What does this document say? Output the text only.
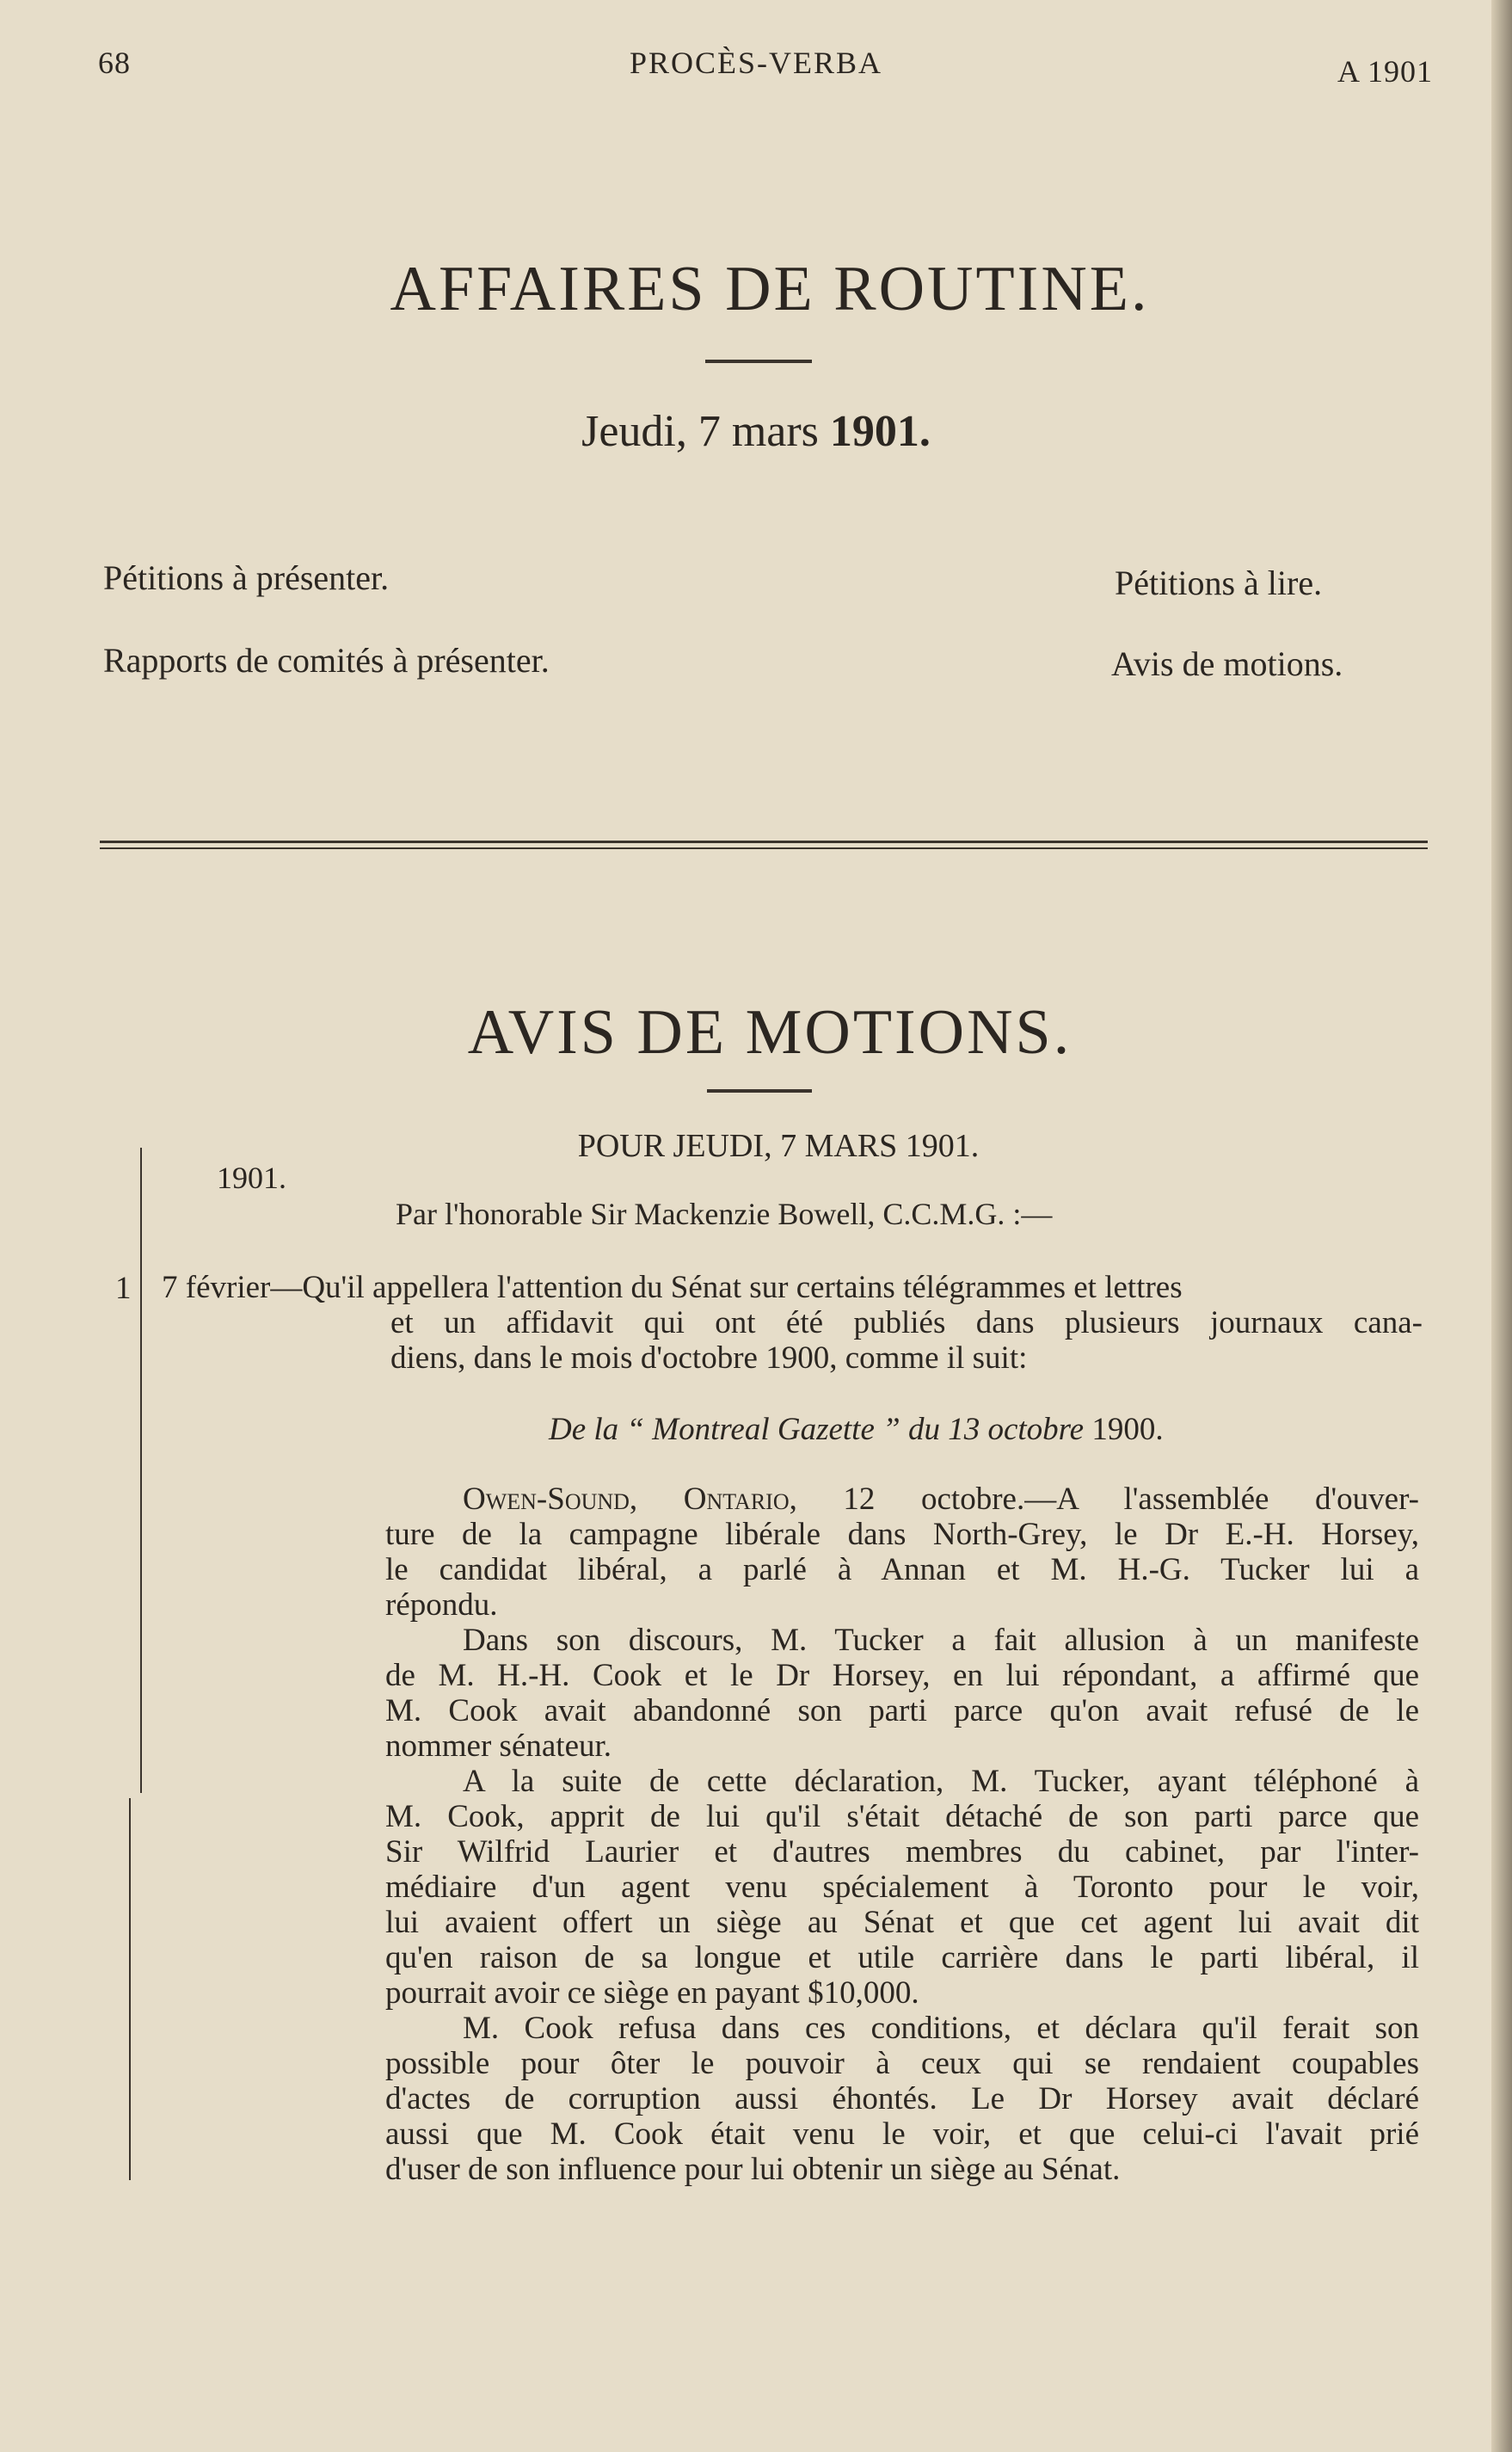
68	PROCÈS-VERBA	A 1901
AFFAIRES DE ROUTINE.
Jeudi, 7 mars 1901.
Pétitions à présenter.	Pétitions à lire.
Rapports de comités à présenter.	Avis de motions.
AVIS DE MOTIONS.
POUR JEUDI, 7 MARS 1901.
1901.
Par l'honorable Sir Mackenzie Bowell, C.C.M.G. :—
1 7 février—Qu'il appellera l'attention du Sénat sur certains télégrammes et lettres
et un affidavit qui ont été publiés dans plusieurs journaux cana-
diens, dans le mois d'octobre 1900, comme il suit:
De la “ Montreal Gazette ” du 13 octobre 1900.
Owen-Sound, Ontario, 12 octobre.—A l'assemblée d'ouver-
ture de la campagne libérale dans North-Grey, le Dr E.-H. Horsey,
le candidat libéral, a parlé à Annan et M. H.-G. Tucker lui a
répondu.
Dans son discours, M. Tucker a fait allusion à un manifeste
de M. H.-H. Cook et le Dr Horsey, en lui répondant, a affirmé que
M. Cook avait abandonné son parti parce qu'on avait refusé de le
nommer sénateur.
A la suite de cette déclaration, M. Tucker, ayant téléphoné à
M. Cook, apprit de lui qu'il s'était détaché de son parti parce que
Sir Wilfrid Laurier et d'autres membres du cabinet, par l'inter-
médiaire d'un agent venu spécialement à Toronto pour le voir,
lui avaient offert un siège au Sénat et que cet agent lui avait dit
qu'en raison de sa longue et utile carrière dans le parti libéral, il
pourrait avoir ce siège en payant $10,000.
M. Cook refusa dans ces conditions, et déclara qu'il ferait son
possible pour ôter le pouvoir à ceux qui se rendaient coupables
d'actes de corruption aussi éhontés. Le Dr Horsey avait déclaré
aussi que M. Cook était venu le voir, et que celui-ci l'avait prié
d'user de son influence pour lui obtenir un siège au Sénat.
